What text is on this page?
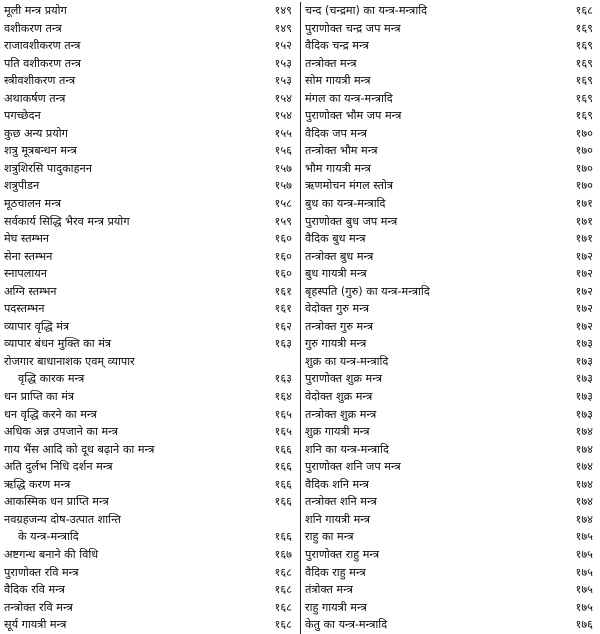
मूली मन्त्र प्रयोग	१४९
वशीकरण तन्त्र	१४९
राजावशीकरण तन्त्र	१५२
पति वशीकरण तन्त्र	१५३
स्त्रीवशीकरण तन्त्र	१५३
अथाकर्षण तन्त्र	१५४
पगच्छेदन	१५४
कुछ अन्य प्रयोग	१५५
शत्रु मूत्रबन्धन मन्त्र	१५६
शत्रुशिरसि पादुकाहनन	१५७
शत्रुपीडन	१५७
मूठचालन मन्त्र	१५८
सर्वकार्य सिद्धि भैरव मन्त्र प्रयोग	१५९
मेघ स्तम्भन	१६०
सेना स्तम्भन	१६०
स्नापलायन	१६०
अग्नि स्तम्भन	१६१
पदस्तम्भन	१६१
व्यापार वृद्धि मंत्र	१६२
व्यापार बंधन मुक्ति का मंत्र	१६३
रोजगार बाधानाशक एवम् व्यापार
वृद्धि कारक मन्त्र	१६३
धन प्राप्ति का मंत्र	१६४
धन वृद्धि करने का मन्त्र	१६५
अधिक अन्न उपजाने का मन्त्र	१६५
गाय भैंस आदि को दूध बढ़ाने का मन्त्र	१६६
अति दुर्लभ निधि दर्शन मन्त्र	१६६
ऋद्धि करण मन्त्र	१६६
आकस्मिक धन प्राप्ति मन्त्र	१६६
नवग्रहजन्य दोष-उत्पात शान्ति
के यन्त्र-मन्त्रादि	१६६
अष्टगन्ध बनाने की विधि	१६७
पुराणोक्त रवि मन्त्र	१६८
वैदिक रवि मन्त्र	१६८
तन्त्रोक्त रवि मन्त्र	१६८
सूर्य गायत्री मन्त्र	१६८
चन्द (चन्द्रमा) का यन्त्र-मन्त्रादि	१६८
पुराणोक्त चन्द्र जप मन्त्र	१६९
वैदिक चन्द्र मन्त्र	१६९
तन्त्रोक्त मन्त्र	१६९
सोम गायत्री मन्त्र	१६९
मंगल का यन्त्र-मन्त्रादि	१६९
पुराणोक्त भौम जप मन्त्र	१६९
वैदिक जप मन्त्र	१७०
तन्त्रोक्त भौम मन्त्र	१७०
भौम गायत्री मन्त्र	१७०
ऋणमोचन मंगल स्तोत्र	१७०
बुध का यन्त्र-मन्त्रादि	१७१
पुराणोक्त बुध जप मन्त्र	१७१
वैदिक बुध मन्त्र	१७१
तन्त्रोक्त बुध मन्त्र	१७२
बुध गायत्री मन्त्र	१७२
बृहस्पति (गुरु) का यन्त्र-मन्त्रादि	१७२
वेदोक्त गुरु मन्त्र	१७२
तन्त्रोक्त गुरु मन्त्र	१७२
गुरु गायत्री मन्त्र	१७३
शुक्र का यन्त्र-मन्त्रादि	१७३
पुराणोक्त शुक्र मन्त्र	१७३
वेदोक्त शुक्र मन्त्र	१७३
तन्त्रोक्त शुक्र मन्त्र	१७३
शुक्र गायत्री मन्त्र	१७४
शनि का यन्त्र-मन्त्रादि	१७४
पुराणोक्त शनि जप मन्त्र	१७४
वैदिक शनि मन्त्र	१७४
तन्त्रोक्त शनि मन्त्र	१७४
शनि गायत्री मन्त्र	१७४
राहु का मन्त्र	१७५
पुराणोक्त राहु मन्त्र	१७५
वैदिक राहु मन्त्र	१७५
तंत्रोक्त मन्त्र	१७५
राहु गायत्री मन्त्र	१७५
केतु का यन्त्र-मन्त्रादि	१७६
